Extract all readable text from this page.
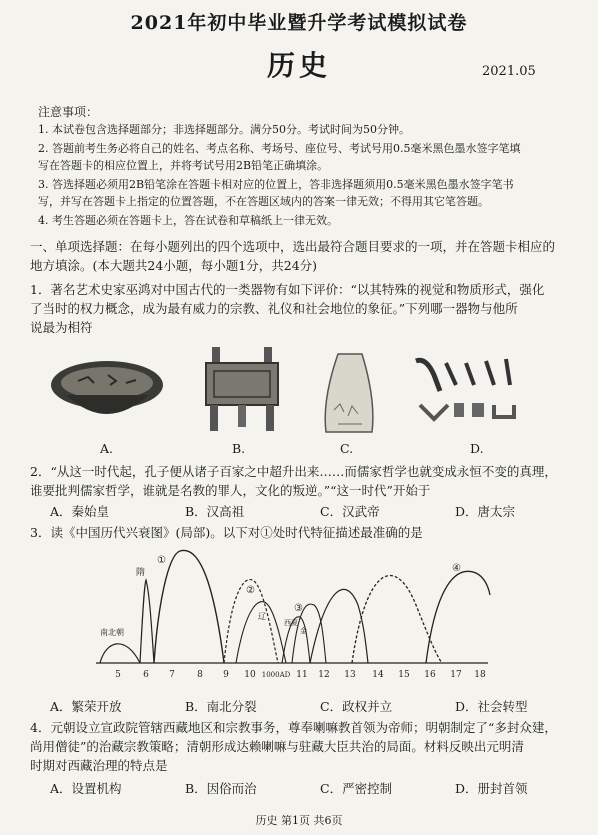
2021年初中毕业暨升学考试模拟试卷
历史	2021.05
注意事项：
1. 本试卷包含选择题部分；非选择题部分。满分50分。考试时间为50分钟。
2. 答题前考生务必将自己的姓名、考点名称、考场号、座位号、考试号用0.5毫米黑色墨水签字笔填
写在答题卡的相应位置上，并将考试号用2B铅笔正确填涂。
3. 答选择题必须用2B铅笔涂在答题卡相对应的位置上，答非选择题须用0.5毫米黑色墨水签字笔书
写，并写在答题卡上指定的位置答题，不在答题区域内的答案一律无效；不得用其它笔答题。
4. 考生答题必须在答题卡上，答在试卷和草稿纸上一律无效。
一、单项选择题：在每小题列出的四个选项中，选出最符合题目要求的一项，并在答题卡相应的
地方填涂。(本大题共24小题，每小题1分，共24分)
1．著名艺术史家巫鸿对中国古代的一类器物有如下评价：“以其特殊的视觉和物质形式，强化
了当时的权力概念，成为最有威力的宗教、礼仪和社会地位的象征。”下列哪一器物与他所
说最为相符
A.	B.	C.	D.
2．“从这一时代起，孔子便从诸子百家之中超升出来……而儒家哲学也就变成永恒不变的真理，
谁要批判儒家哲学，谁就是名教的罪人，文化的叛逆。”“这一时代”开始于
A．秦始皇	B．汉高祖	C．汉武帝	D．唐太宗
3．读《中国历代兴衰图》(局部)。以下对①处时代特征描述最准确的是
①
②
③
④
隋
南北朝
辽
西夏
金
5 6 7 8 9 10 1000AD 11 12 13 14 15 16 17 18
A．繁荣开放	B．南北分裂	C．政权并立	D．社会转型
4．元朝设立宣政院管辖西藏地区和宗教事务，尊奉喇嘛教首领为帝师；明朝制定了“多封众建，
尚用僧徒”的治藏宗教策略；清朝形成达赖喇嘛与驻藏大臣共治的局面。材料反映出元明清
时期对西藏治理的特点是
A．设置机构	B．因俗而治	C．严密控制	D．册封首领
历史 第1页 共6页
